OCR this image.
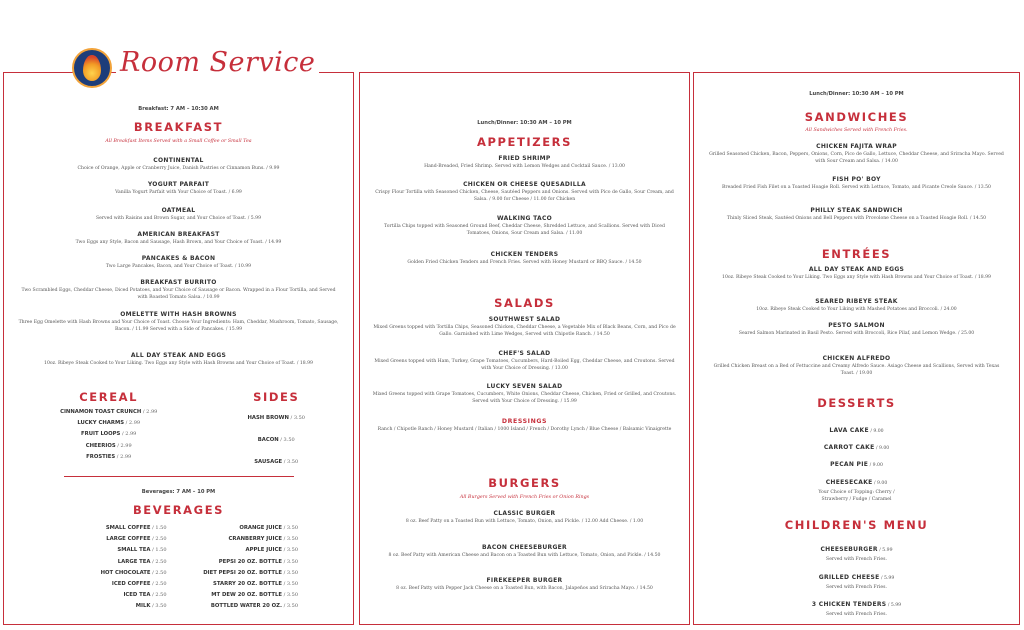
Room Service
Breakfast: 7 AM – 10:30 AM
BREAKFAST
All Breakfast Items Served with a Small Coffee or Small Tea
CONTINENTAL
Choice of Orange, Apple or Cranberry Juice, Danish Pastries or Cinnamon Buns. / 9.99
YOGURT PARFAIT
Vanilla Yogurt Parfait with Your Choice of Toast. / 6.99
OATMEAL
Served with Raisins and Brown Sugar, and Your Choice of Toast. / 5.99
AMERICAN BREAKFAST
Two Eggs any Style, Bacon and Sausage, Hash Brown, and Your Choice of Toast. / 14.99
PANCAKES & BACON
Two Large Pancakes, Bacon, and Your Choice of Toast. / 10.99
BREAKFAST BURRITO
Two Scrambled Eggs, Cheddar Cheese, Diced Potatoes, and Your Choice of Sausage or Bacon. Wrapped in a Flour Tortilla, and Served with Roasted Tomato Salsa. / 10.99
OMELETTE WITH HASH BROWNS
Three Egg Omelette with Hash Browns and Your Choice of Toast. Choose Your Ingredients: Ham, Cheddar, Mushroom, Tomato, Sausage, Bacon. / 11.99 Served with a Side of Pancakes. / 15.99
ALL DAY STEAK AND EGGS
10oz. Ribeye Steak Cooked to Your Liking. Two Eggs any Style with Hash Browns and Your Choice of Toast. / 18.99
CEREAL	SIDES
CINNAMON TOAST CRUNCH / 2.99
LUCKY CHARMS / 2.99
FRUIT LOOPS / 2.99
CHEERIOS / 2.99
FROSTIES / 2.99
HASH BROWN / 3.50
BACON / 3.50
SAUSAGE / 3.50
Beverages: 7 AM – 10 PM
BEVERAGES
SMALL COFFEE / 1.50
LARGE COFFEE / 2.50
SMALL TEA / 1.50
LARGE TEA / 2.50
HOT CHOCOLATE / 2.50
ICED COFFEE / 2.50
ICED TEA / 2.50
MILK / 3.50
ORANGE JUICE / 3.50
CRANBERRY JUICE / 3.50
APPLE JUICE / 3.50
PEPSI 20 OZ. BOTTLE / 3.50
DIET PEPSI 20 OZ. BOTTLE / 3.50
STARRY 20 OZ. BOTTLE / 3.50
MT DEW 20 OZ. BOTTLE / 3.50
BOTTLED WATER 20 OZ. / 3.50
Lunch/Dinner: 10:30 AM – 10 PM
APPETIZERS
FRIED SHRIMP
Hand-Breaded, Fried Shrimp. Served with Lemon Wedges and Cocktail Sauce. / 13.00
CHICKEN OR CHEESE QUESADILLA
Crispy Flour Tortilla with Seasoned Chicken, Cheese, Sautéed Peppers and Onions. Served with Pico de Gallo, Sour Cream, and Salsa. / 9.00 for Cheese / 11.00 for Chicken
WALKING TACO
Tortilla Chips topped with Seasoned Ground Beef, Cheddar Cheese, Shredded Lettuce, and Scallions. Served with Diced Tomatoes, Onions, Sour Cream and Salsa. / 11.00
CHICKEN TENDERS
Golden Fried Chicken Tenders and French Fries. Served with Honey Mustard or BBQ Sauce. / 14.50
SALADS
SOUTHWEST SALAD
Mixed Greens topped with Tortilla Chips, Seasoned Chicken, Cheddar Cheese, a Vegetable Mix of Black Beans, Corn, and Pico de Gallo. Garnished with Lime Wedges, Served with Chipotle Ranch. / 14.50
CHEF'S SALAD
Mixed Greens topped with Ham, Turkey, Grape Tomatoes, Cucumbers, Hard-Boiled Egg, Cheddar Cheese, and Croutons. Served with Your Choice of Dressing. / 13.00
LUCKY SEVEN SALAD
Mixed Greens topped with Grape Tomatoes, Cucumbers, White Onions, Cheddar Cheese, Chicken, Fried or Grilled, and Croutons. Served with Your Choice of Dressing. / 15.99
DRESSINGS
Ranch / Chipotle Ranch / Honey Mustard / Italian / 1000 Island / French / Dorothy Lynch / Blue Cheese / Balsamic Vinaigrette
BURGERS
All Burgers Served with French Fries or Onion Rings
CLASSIC BURGER
8 oz. Beef Patty on a Toasted Bun with Lettuce, Tomato, Onion, and Pickle. / 12.00 Add Cheese. / 1.00
BACON CHEESEBURGER
8 oz. Beef Patty with American Cheese and Bacon on a Toasted Bun with Lettuce, Tomato, Onion, and Pickle. / 14.50
FIREKEEPER BURGER
8 oz. Beef Patty with Pepper Jack Cheese on a Toasted Bun, with Bacon, Jalapeños and Sriracha Mayo. / 14.50
Lunch/Dinner: 10:30 AM – 10 PM
SANDWICHES
All Sandwiches Served with French Fries.
CHICKEN FAJITA WRAP
Grilled Seasoned Chicken, Bacon, Peppers, Onions, Corn, Pico de Gallo, Lettuce, Cheddar Cheese, and Sriracha Mayo. Served with Sour Cream and Salsa. / 14.00
FISH PO' BOY
Breaded Fried Fish Filet on a Toasted Hoagie Roll. Served with Lettuce, Tomato, and Picante Creole Sauce. / 13.50
PHILLY STEAK SANDWICH
Thinly Sliced Steak, Sautéed Onions and Bell Peppers with Provolone Cheese on a Toasted Hoagie Roll. / 14.50
ENTRÉES
ALL DAY STEAK AND EGGS
10oz. Ribeye Steak Cooked to Your Liking. Two Eggs any Style with Hash Browns and Your Choice of Toast. / 18.99
SEARED RIBEYE STEAK
10oz. Ribeye Steak Cooked to Your Liking with Mashed Potatoes and Broccoli. / 24.00
PESTO SALMON
Seared Salmon Marinated in Basil Pesto. Served with Broccoli, Rice Pilaf, and Lemon Wedge. / 25.00
CHICKEN ALFREDO
Grilled Chicken Breast on a Bed of Fettuccine and Creamy Alfredo Sauce. Asiago Cheese and Scallions, Served with Texas Toast. / 19.00
DESSERTS
LAVA CAKE / 9.00
CARROT CAKE / 9.00
PECAN PIE / 9.00
CHEESECAKE / 9.00
Your Choice of Topping: Cherry / Strawberry / Fudge / Caramel
CHILDREN'S MENU
CHEESEBURGER / 5.99
Served with French Fries.
GRILLED CHEESE / 5.99
Served with French Fries.
3 CHICKEN TENDERS / 5.99
Served with French Fries.
